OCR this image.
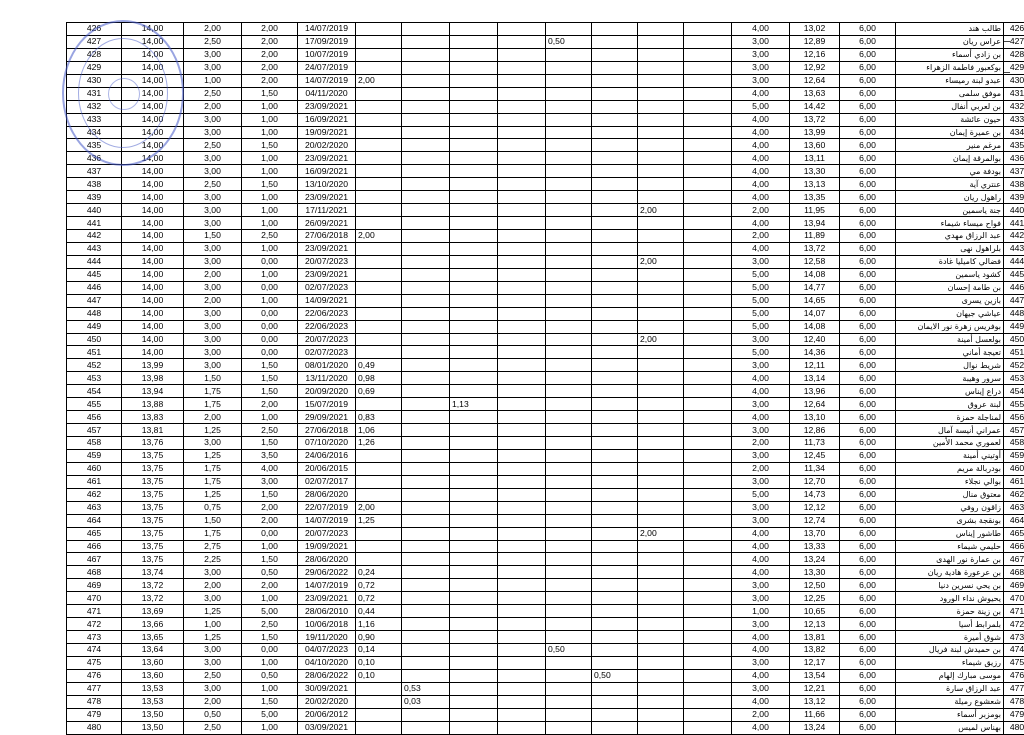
426	14,00	2,00	2,00	14/07/2019									4,00	13,02	6,00	طالب هند	426
427	14,00	2,50	2,00	17/09/2019					0,50				3,00	12,89	6,00	عراس ريان	427
428	14,00	3,00	2,00	10/07/2019									3,00	12,16	6,00	بن زادي أسماء	428
429	14,00	3,00	2,00	24/07/2019									3,00	12,92	6,00	بوكعبور فاطمة الزهراء	429
430	14,00	1,00	2,00	14/07/2019	2,00								3,00	12,64	6,00	عبدو لبنة رميساء	430
431	14,00	2,50	1,50	04/11/2020									4,00	13,63	6,00	موفق سلمى	431
432	14,00	2,00	1,00	23/09/2021									5,00	14,42	6,00	بن لعربي أنفال	432
433	14,00	3,00	1,00	16/09/2021									4,00	13,72	6,00	حيون عائشة	433
434	14,00	3,00	1,00	19/09/2021									4,00	13,99	6,00	بن عميرة إيمان	434
435	14,00	2,50	1,50	20/02/2020									4,00	13,60	6,00	مرغم منير	435
436	14,00	3,00	1,00	23/09/2021									4,00	13,11	6,00	بوالمرقة إيمان	436
437	14,00	3,00	1,00	16/09/2021									4,00	13,30	6,00	بودفة مي	437
438	14,00	2,50	1,50	13/10/2020									4,00	13,13	6,00	عنتري آية	438
439	14,00	3,00	1,00	23/09/2021									4,00	13,35	6,00	راهول ريان	439
440	14,00	3,00	1,00	17/11/2021							2,00		2,00	11,95	6,00	جنة ياسمين	440
441	14,00	3,00	1,00	26/09/2021									4,00	13,94	6,00	فواح ميساء شيماء	441
442	14,00	1,50	2,50	27/06/2018	2,00								2,00	11,89	6,00	عبد الرزاق مهدي	442
443	14,00	3,00	1,00	23/09/2021									4,00	13,72	6,00	بلراهول نهى	443
444	14,00	3,00	0,00	20/07/2023							2,00		3,00	12,58	6,00	فضالي كاميليا غادة	444
445	14,00	2,00	1,00	23/09/2021									5,00	14,08	6,00	كشود ياسمين	445
446	14,00	3,00	0,00	02/07/2023									5,00	14,77	6,00	بن طامة إحسان	446
447	14,00	2,00	1,00	14/09/2021									5,00	14,65	6,00	بازين يسرى	447
448	14,00	3,00	0,00	22/06/2023									5,00	14,07	6,00	عياشي جيهان	448
449	14,00	3,00	0,00	22/06/2023									5,00	14,08	6,00	بوفريس زهرة نور الايمان	449
450	14,00	3,00	0,00	20/07/2023							2,00		3,00	12,40	6,00	بولعسل أمينة	450
451	14,00	3,00	0,00	02/07/2023									5,00	14,36	6,00	تعيجة أماني	451
452	13,99	3,00	1,50	08/01/2020	0,49								3,00	12,11	6,00	شريط نوال	452
453	13,98	1,50	1,50	13/11/2020	0,98								4,00	13,14	6,00	سرور وهيبة	453
454	13,94	1,75	1,50	20/09/2020	0,69								4,00	13,96	6,00	دراع إيناس	454
455	13,88	1,75	2,00	15/07/2019			1,13						3,00	12,64	6,00	لبنة عروق	455
456	13,83	2,00	1,00	29/09/2021	0,83								4,00	13,10	6,00	لمناجلة حمزة	456
457	13,81	1,25	2,50	27/06/2018	1,06								3,00	12,86	6,00	عمراني أنيسة آمال	457
458	13,76	3,00	1,50	07/10/2020	1,26								2,00	11,73	6,00	لعموري محمد الأمين	458
459	13,75	1,25	3,50	24/06/2016									3,00	12,45	6,00	أوتيني أمينة	459
460	13,75	1,75	4,00	20/06/2015									2,00	11,34	6,00	بودربالة مريم	460
461	13,75	1,75	3,00	02/07/2017									3,00	12,70	6,00	بوالي نجلاء	461
462	13,75	1,25	1,50	28/06/2020									5,00	14,73	6,00	معتوق منال	462
463	13,75	0,75	2,00	22/07/2019	2,00								3,00	12,12	6,00	زاقون روفي	463
464	13,75	1,50	2,00	14/07/2019	1,25								3,00	12,74	6,00	بونقجة بشرى	464
465	13,75	1,75	0,00	20/07/2023							2,00		4,00	13,70	6,00	طاشور إيناس	465
466	13,75	2,75	1,00	19/09/2021									4,00	13,33	6,00	حليمي شيماء	466
467	13,75	2,25	1,50	28/06/2020									4,00	13,24	6,00	بن عمارة نور الهدى	467
468	13,74	3,00	0,50	29/06/2022	0,24								4,00	13,30	6,00	بن عرعورة هادية ريان	468
469	13,72	2,00	2,00	14/07/2019	0,72								3,00	12,50	6,00	بن يحي نسرين دنيا	469
470	13,72	3,00	1,00	23/09/2021	0,72								3,00	12,25	6,00	يحيوش نداء الورود	470
471	13,69	1,25	5,00	28/06/2010	0,44								1,00	10,65	6,00	بن زينة حمزة	471
472	13,66	1,00	2,50	10/06/2018	1,16								3,00	12,13	6,00	بلمرابط أسيا	472
473	13,65	1,25	1,50	19/11/2020	0,90								4,00	13,81	6,00	شوق أميرة	473
474	13,64	3,00	0,00	04/07/2023	0,14				0,50				4,00	13,82	6,00	بن حميدش لبنة فريال	474
475	13,60	3,00	1,00	04/10/2020	0,10								3,00	12,17	6,00	رزيق شيماء	475
476	13,60	2,50	0,50	28/06/2022	0,10					0,50			4,00	13,54	6,00	موسى مبارك إلهام	476
477	13,53	3,00	1,00	30/09/2021		0,53							3,00	12,21	6,00	عبد الرزاق سارة	477
478	13,53	2,00	1,50	20/02/2020		0,03							4,00	13,12	6,00	شعشوع رميلة	478
479	13,50	0,50	5,00	20/06/2012									2,00	11,66	6,00	بومزبر أسماء	479
480	13,50	2,50	1,00	03/09/2021									4,00	13,24	6,00	بهناس لميس	480
